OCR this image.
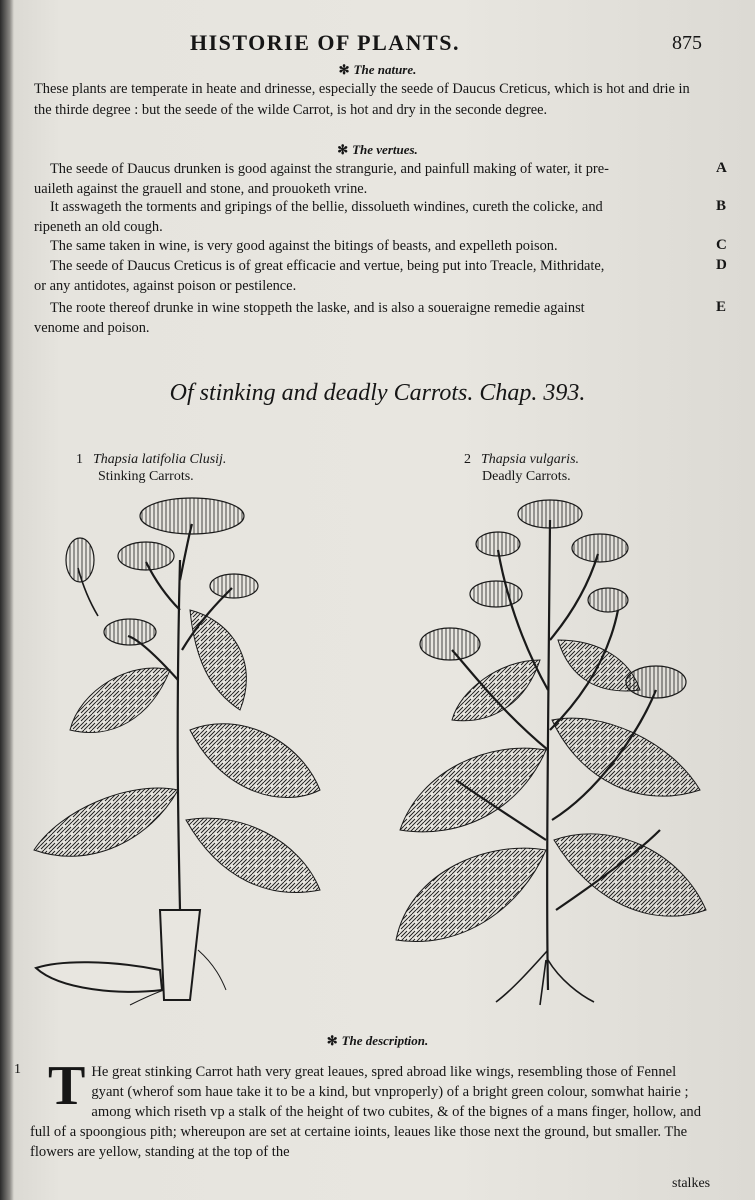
HISTORIE OF PLANTS.	875
✻ The nature.

These plants are temperate in heate and drinesse, especially the seede of Daucus Creticus, which is hot and drie in the thirde degree : but the seede of the wilde Carrot, is hot and dry in the seconde degree.

✻ The vertues.
The seede of Daucus drunken is good against the strangurie, and painfull making of water, it pre-
uaileth against the grauell and stone, and prouoketh vrine.
A
It asswageth the torments and gripings of the bellie, dissolueth windines, cureth the colicke, and
ripeneth an old cough.
B
The same taken in wine, is very good against the bitings of beasts, and expelleth poison.	C
The seede of Daucus Creticus is of great efficacie and vertue, being put into Treacle, Mithridate,
or any antidotes, against poison or pestilence.
D
The roote thereof drunke in wine stoppeth the laske, and is also a soueraigne remedie against
venome and poison.
E
Of stinking and deadly Carrots. Chap. 393.
1 Thapsia latifolia Clusij.
Stinking Carrots.
2 Thapsia vulgaris.
Deadly Carrots.
✻ The description.
1 T He great stinking Carrot hath very great leaues, spred abroad like wings, resembling those of Fennel gyant (wherof som haue take it to be a kind, but vnproperly) of a bright green colour, somwhat hairie ; among which riseth vp a stalk of the height of two cubites, & of the bignes of a mans finger, hollow, and full of a spoongious pith; whereupon are set at certaine ioints, leaues like those next the ground, but smaller. The flowers are yellow, standing at the top of the

stalkes
